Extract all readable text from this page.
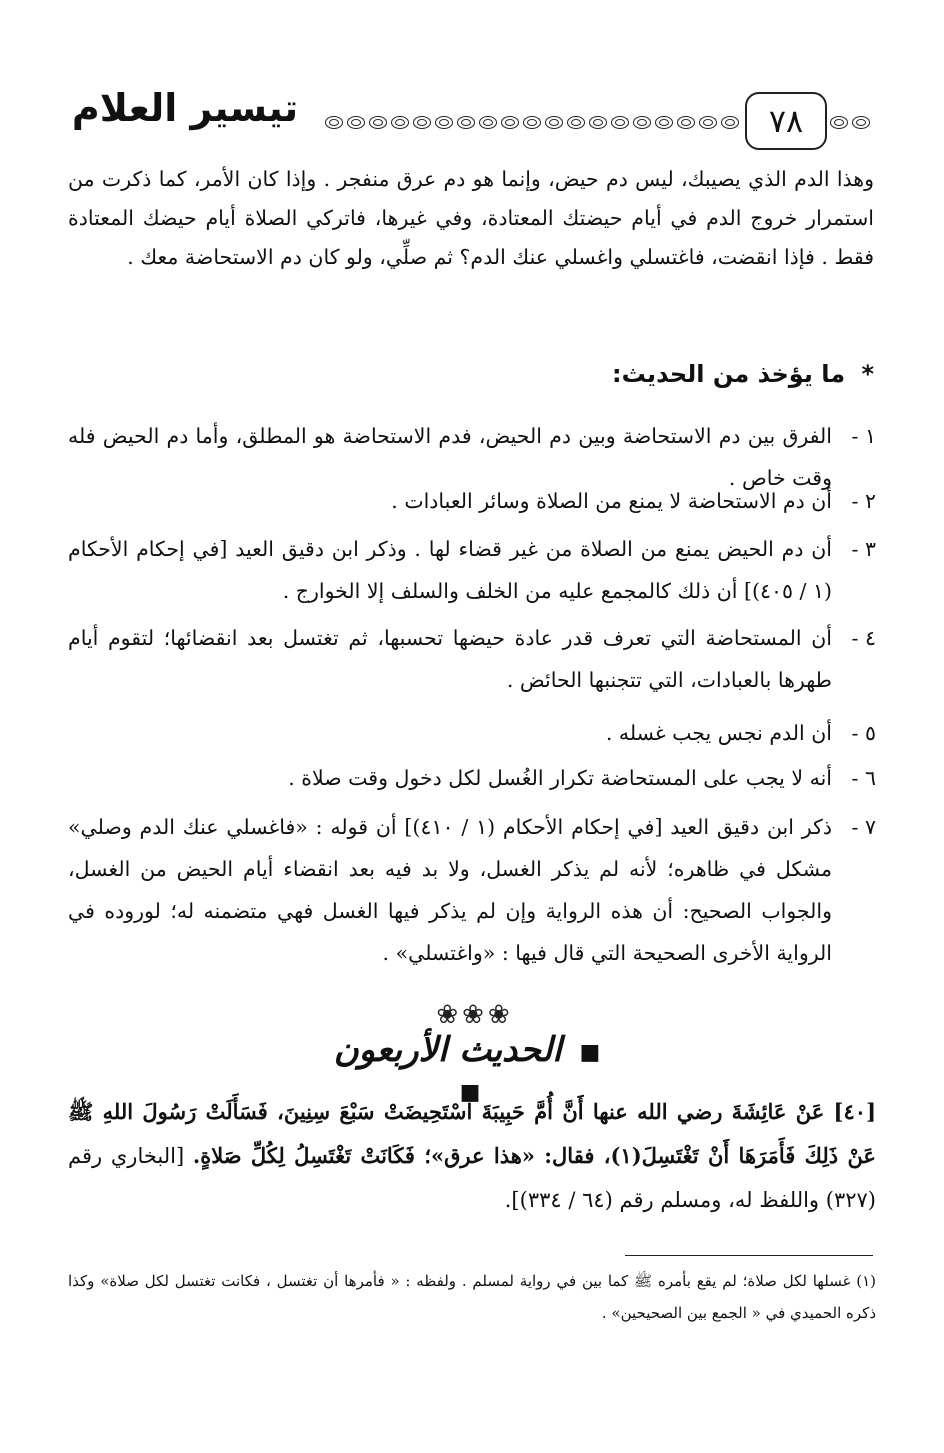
تيسير العلام	٧٨
وهذا الدم الذي يصيبك، ليس دم حيض، وإنما هو دم عرق منفجر . وإذا كان الأمر، كما ذكرت من استمرار خروج الدم في أيام حيضتك المعتادة، وفي غيرها، فاتركي الصلاة أيام حيضك المعتادة فقط . فإذا انقضت، فاغتسلي واغسلي عنك الدم؟ ثم صلِّي، ولو كان دم الاستحاضة معك .
* ما يؤخذ من الحديث:
١ -
الفرق بين دم الاستحاضة وبين دم الحيض، فدم الاستحاضة هو المطلق، وأما دم الحيض فله وقت خاص .
٢ -
أن دم الاستحاضة لا يمنع من الصلاة وسائر العبادات .
٣ -
أن دم الحيض يمنع من الصلاة من غير قضاء لها . وذكر ابن دقيق العيد [في إحكام الأحكام (١ / ٤٠٥)] أن ذلك كالمجمع عليه من الخلف والسلف إلا الخوارج .
٤ -
أن المستحاضة التي تعرف قدر عادة حيضها تحسبها، ثم تغتسل بعد انقضائها؛ لتقوم أيام طهرها بالعبادات، التي تتجنبها الحائض .
٥ -
أن الدم نجس يجب غسله .
٦ -
أنه لا يجب على المستحاضة تكرار الغُسل لكل دخول وقت صلاة .
٧ -
ذكر ابن دقيق العيد [في إحكام الأحكام (١ / ٤١٠)] أن قوله : «فاغسلي عنك الدم وصلي» مشكل في ظاهره؛ لأنه لم يذكر الغسل، ولا بد فيه بعد انقضاء أيام الحيض من الغسل، والجواب الصحيح: أن هذه الرواية وإن لم يذكر فيها الغسل فهي متضمنه له؛ لوروده في الرواية الأخرى الصحيحة التي قال فيها : «واغتسلي» .
❀❀❀
■ الحديث الأربعون ■
[٤٠] عَنْ عَائِشَةَ رضي الله عنها أَنَّ أُمَّ حَبِيبَةَ اسْتَحِيضَتْ سَبْعَ سِنِينَ، فَسَأَلَتْ رَسُولَ اللهِ ﷺ عَنْ ذَلِكَ فَأَمَرَهَا أَنْ تَغْتَسِلَ(١)، فقال: «هذا عرق»؛ فَكَانَتْ تَغْتَسِلُ لِكُلِّ صَلاةٍ. [البخاري رقم (٣٢٧) واللفظ له، ومسلم رقم (٦٤ / ٣٣٤)].
(١) غسلها لكل صلاة؛ لم يقع بأمره ﷺ كما بين في رواية لمسلم . ولفظه : « فأمرها أن تغتسل ، فكانت تغتسل لكل صلاة» وكذا ذكره الحميدي في « الجمع بين الصحيحين» .
